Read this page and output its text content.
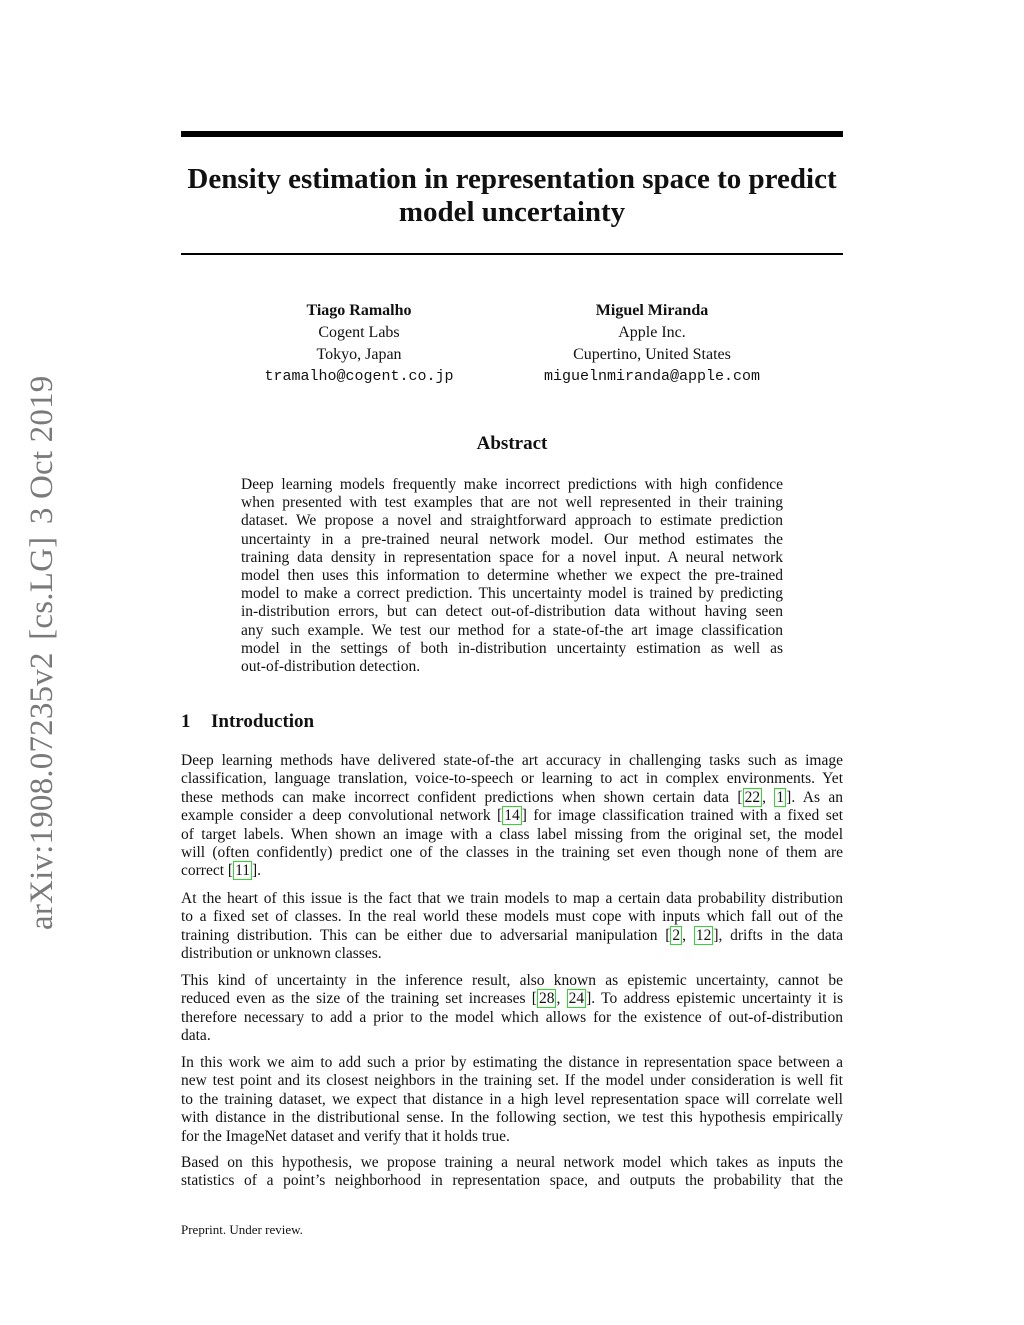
arXiv:1908.07235v2[cs.LG]3 Oct 2019
Density estimation in representation space to predict
model uncertainty
Tiago Ramalho
Cogent Labs
Tokyo, Japan
tramalho@cogent.co.jp
Miguel Miranda
Apple Inc.
Cupertino, United States
miguelnmiranda@apple.com
Abstract
Deep learning models frequently make incorrect predictions with high confidence
when presented with test examples that are not well represented in their training
dataset. We propose a novel and straightforward approach to estimate prediction
uncertainty in a pre-trained neural network model. Our method estimates the
training data density in representation space for a novel input. A neural network
model then uses this information to determine whether we expect the pre-trained
model to make a correct prediction. This uncertainty model is trained by predicting
in-distribution errors, but can detect out-of-distribution data without having seen
any such example. We test our method for a state-of-the art image classification
model in the settings of both in-distribution uncertainty estimation as well as
out-of-distribution detection.
1 Introduction
Deep learning methods have delivered state-of-the art accuracy in challenging tasks such as image
classification, language translation, voice-to-speech or learning to act in complex environments. Yet
these methods can make incorrect confident predictions when shown certain data [ 22 , 1 ]. As an
example consider a deep convolutional network [ 14 ] for image classification trained with a fixed set
of target labels. When shown an image with a class label missing from the original set, the model
will (often confidently) predict one of the classes in the training set even though none of them are
correct [ 11 ].
At the heart of this issue is the fact that we train models to map a certain data probability distribution
to a fixed set of classes. In the real world these models must cope with inputs which fall out of the
training distribution. This can be either due to adversarial manipulation [ 2 , 12 ], drifts in the data
distribution or unknown classes.
This kind of uncertainty in the inference result, also known as epistemic uncertainty, cannot be
reduced even as the size of the training set increases [ 28 , 24 ]. To address epistemic uncertainty it is
therefore necessary to add a prior to the model which allows for the existence of out-of-distribution
data.
In this work we aim to add such a prior by estimating the distance in representation space between a
new test point and its closest neighbors in the training set. If the model under consideration is well fit
to the training dataset, we expect that distance in a high level representation space will correlate well
with distance in the distributional sense. In the following section, we test this hypothesis empirically
for the ImageNet dataset and verify that it holds true.
Based on this hypothesis, we propose training a neural network model which takes as inputs the
statistics of a point’s neighborhood in representation space, and outputs the probability that the
Preprint. Under review.
